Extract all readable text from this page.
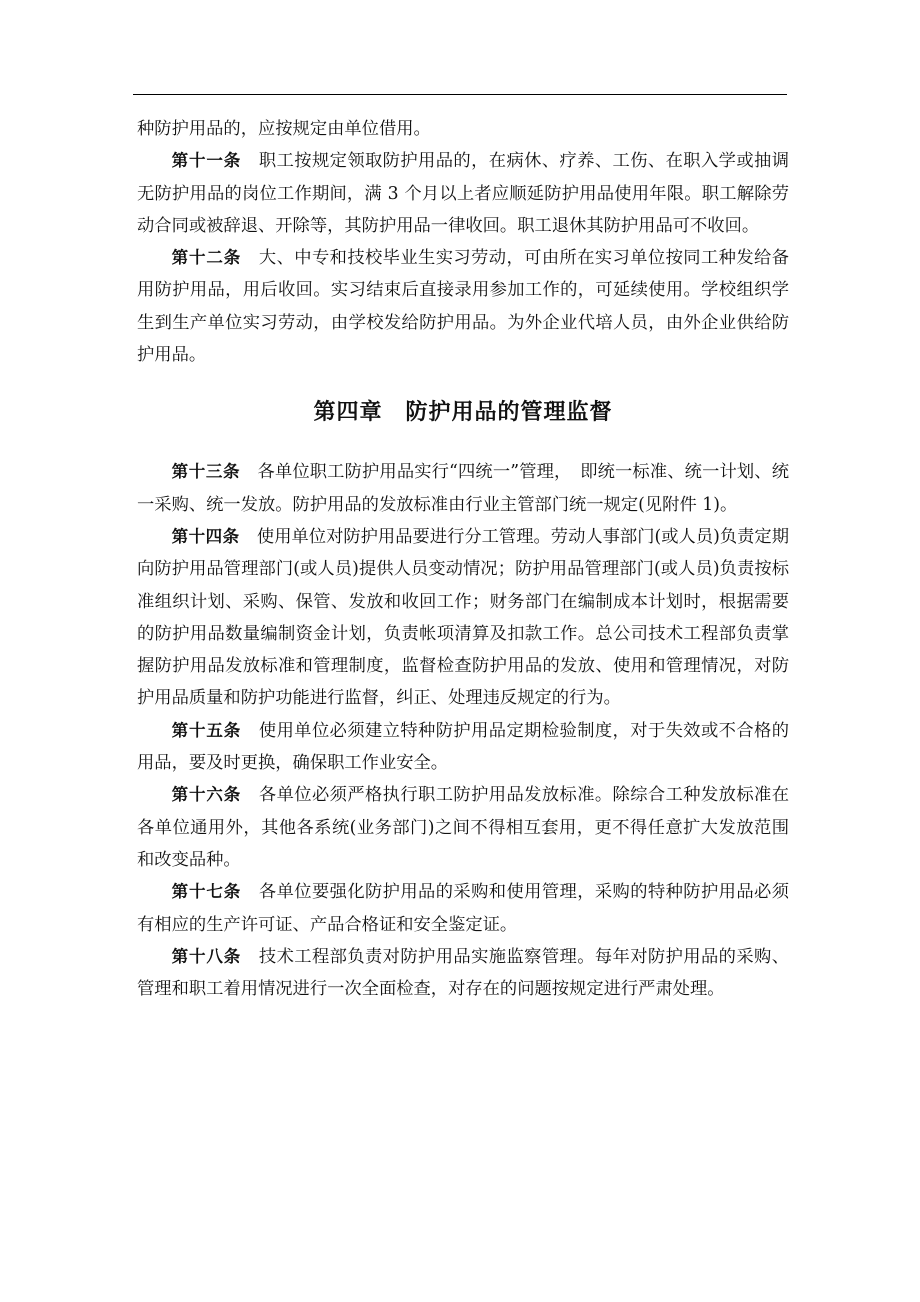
种防护用品的，应按规定由单位借用。

第十一条 职工按规定领取防护用品的，在病休、疗养、工伤、在职入学或抽调无防护用品的岗位工作期间，满 3 个月以上者应顺延防护用品使用年限。职工解除劳动合同或被辞退、开除等，其防护用品一律收回。职工退休其防护用品可不收回。

第十二条 大、中专和技校毕业生实习劳动，可由所在实习单位按同工种发给备用防护用品，用后收回。实习结束后直接录用参加工作的，可延续使用。学校组织学生到生产单位实习劳动，由学校发给防护用品。为外企业代培人员，由外企业供给防护用品。

第四章　防护用品的管理监督

第十三条 各单位职工防护用品实行“四统一”管理，　即统一标准、统一计划、统一采购、统一发放。防护用品的发放标准由行业主管部门统一规定(见附件 1)。

第十四条 使用单位对防护用品要进行分工管理。劳动人事部门(或人员)负责定期向防护用品管理部门(或人员)提供人员变动情况；防护用品管理部门(或人员)负责按标准组织计划、采购、保管、发放和收回工作；财务部门在编制成本计划时，根据需要的防护用品数量编制资金计划，负责帐项清算及扣款工作。总公司技术工程部负责掌握防护用品发放标准和管理制度，监督检查防护用品的发放、使用和管理情况，对防护用品质量和防护功能进行监督，纠正、处理违反规定的行为。

第十五条 使用单位必须建立特种防护用品定期检验制度，对于失效或不合格的用品，要及时更换，确保职工作业安全。

第十六条 各单位必须严格执行职工防护用品发放标准。除综合工种发放标准在各单位通用外，其他各系统(业务部门)之间不得相互套用，更不得任意扩大发放范围和改变品种。

第十七条 各单位要强化防护用品的采购和使用管理，采购的特种防护用品必须有相应的生产许可证、产品合格证和安全鉴定证。

第十八条 技术工程部负责对防护用品实施监察管理。每年对防护用品的采购、管理和职工着用情况进行一次全面检查，对存在的问题按规定进行严肃处理。
